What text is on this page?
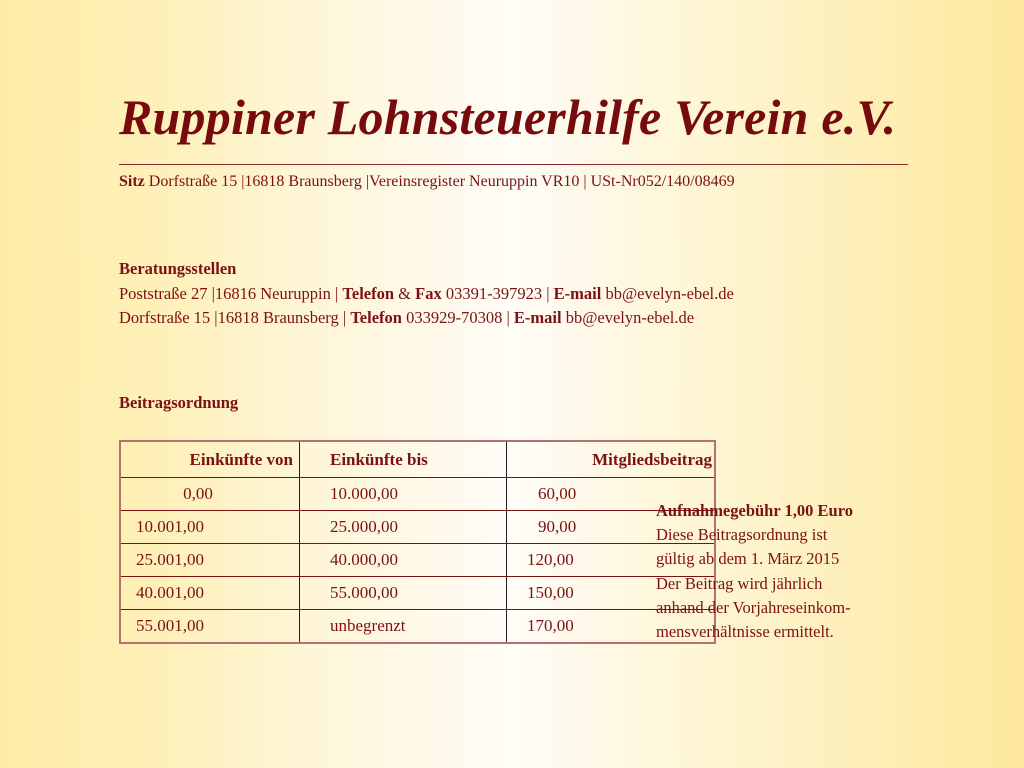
Ruppiner Lohnsteuerhilfe Verein e.V.
Sitz Dorfstraße 15 |16818 Braunsberg |Vereinsregister Neuruppin VR10 | USt-Nr052/140/08469
Beratungsstellen
Poststraße 27 |16816 Neuruppin | Telefon & Fax 03391-397923 | E-mail bb@evelyn-ebel.de
Dorfstraße 15 |16818 Braunsberg | Telefon 033929-70308 | E-mail bb@evelyn-ebel.de
Beitragsordnung
Einkünfte von	Einkünfte bis	Mitgliedsbeitrag
0,00	10.000,00	60,00
10.001,00	25.000,00	90,00
25.001,00	40.000,00	120,00
40.001,00	55.000,00	150,00
55.001,00	unbegrenzt	170,00
Aufnahmegebühr 1,00 Euro
Diese Beitragsordnung ist
gültig ab dem 1. März 2015
Der Beitrag wird jährlich
anhand der Vorjahreseinkom-
mensverhältnisse ermittelt.
